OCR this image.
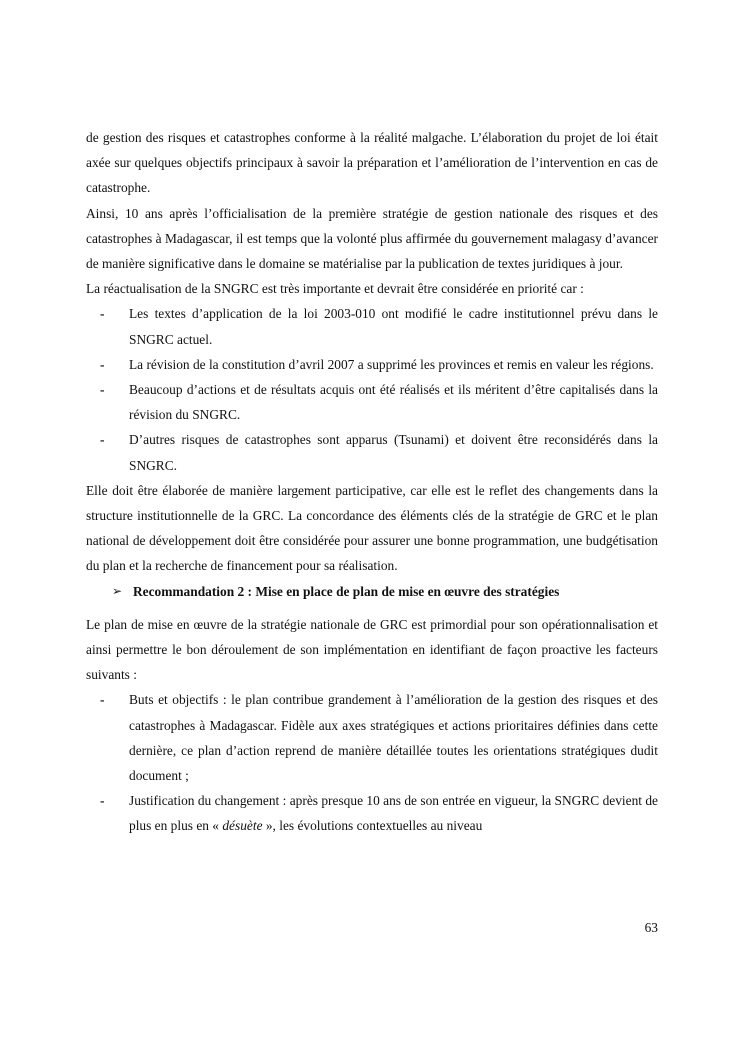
de gestion des risques et catastrophes conforme à la réalité malgache. L’élaboration du projet de loi était axée sur quelques objectifs principaux à savoir la préparation et l’amélioration de l’intervention en cas de catastrophe.

Ainsi, 10 ans après l’officialisation de la première stratégie de gestion nationale des risques et des catastrophes à Madagascar, il est temps que la volonté plus affirmée du gouvernement malagasy d’avancer de manière significative dans le domaine se matérialise par la publication de textes juridiques à jour.

La réactualisation de la SNGRC est très importante et devrait être considérée en priorité car :

- Les textes d’application de la loi 2003-010 ont modifié le cadre institutionnel prévu dans le SNGRC actuel.
- La révision de la constitution d’avril 2007 a supprimé les provinces et remis en valeur les régions.
- Beaucoup d’actions et de résultats acquis ont été réalisés et ils méritent d’être capitalisés dans la révision du SNGRC.
- D’autres risques de catastrophes sont apparus (Tsunami) et doivent être reconsidérés dans la SNGRC.

Elle doit être élaborée de manière largement participative, car elle est le reflet des changements dans la structure institutionnelle de la GRC. La concordance des éléments clés de la stratégie de GRC et le plan national de développement doit être considérée pour assurer une bonne programmation, une budgétisation du plan et la recherche de financement pour sa réalisation.

➢ Recommandation 2 : Mise en place de plan de mise en œuvre des stratégies

Le plan de mise en œuvre de la stratégie nationale de GRC est primordial pour son opérationnalisation et ainsi permettre le bon déroulement de son implémentation en identifiant de façon proactive les facteurs suivants :

- Buts et objectifs : le plan contribue grandement à l’amélioration de la gestion des risques et des catastrophes à Madagascar. Fidèle aux axes stratégiques et actions prioritaires définies dans cette dernière, ce plan d’action reprend de manière détaillée toutes les orientations stratégiques dudit document ;
- Justification du changement : après presque 10 ans de son entrée en vigueur, la SNGRC devient de plus en plus en « désuète », les évolutions contextuelles au niveau
63
